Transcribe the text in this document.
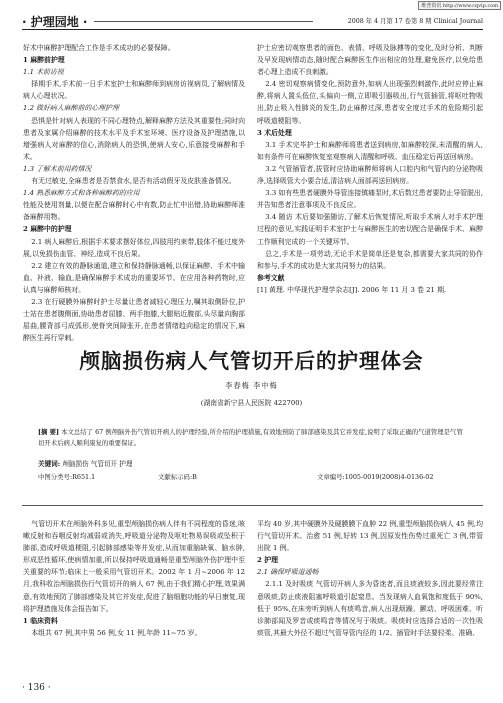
维普资讯 http://www.cqvip.com
· 护理园地 ·	2008 年 4 月第 17 卷第 8 期 Clinical Journal

好术中麻醉护理配合工作是手术成功的必要保障。

1 麻醉前护理

1.1 术前访视

择期手术,手术前一日手术室护士和麻醉师到病房访视病员,了解病情及病人心理状况。

1.2 做好病人麻醉前的心理护理

恐惧是针对病人表现的不同心理特点,解释麻醉方法及其重要性;同时向患者及家属介绍麻醉的技术水平及手术室环境、医疗设备及护理措施,以增强病人对麻醉的信心,消除病人的恐惧,使病人安心,乐意接受麻醉和手术。

1.3 了解术前用药情况

有无过敏史,全麻患者是否禁食水,是否有活动假牙及皮肤准备情况。

1.4 熟悉麻醉方式和各种麻醉药的应用

性能及使用剂量,以便在配合麻醉时心中有数,防止忙中出错,协助麻醉师准备麻醉用物。

2 麻醉中的护理

2.1 病人麻醉后,根据手术要求摆好体位,四肢用约束带,肢体不能过度外展,以免损伤血管、神经,造成不良后果。

2.2 建立有效的静脉通道,建立和保持静脉通畅,以保证麻醉、手术中输血、补液、输血,是确保麻醉手术成功的重要环节。在应用各种药物时,应认真与麻醉师核对。

2.3 在行硬膜外麻醉时护士尽量让患者减轻心理压力,嘱其取侧卧位,护士站在患者腹侧面,协助患者屈膝、两手抱膝,大腿贴近腹部,头尽量向胸部屈曲,腰背部弓成弧形,使脊突间隙张开,在患者情绪趋向稳定的情况下,麻醉医生再行穿刺。

护士应密切观察患者的面色、表情、呼吸及脉搏等的变化,及时分析、判断及早发现病情动态,随时配合麻醉医生作出相应的处理,避免医疗,以免给患者心理上造成不良刺激。

2.4 密切观察病情变化,预防意外,如病人出现强烈刺激作,此时应停止麻醉,将病人置头低位,头偏向一侧,立即吸引器吸出,行气管插管,将呕吐物吸出,防止吸入性肺炎的发生,防止麻醉过深,患者安全度过手术的危险期引起呼吸道梗阻等。

3 术后处理

3.1 手术完毕护士和麻醉师将患者送到病房,如麻醉较深,未清醒的病人,如有条件可在麻醉恢复室观察病人清醒和呼吸、血压稳定后再送回病房。

3.2 气管插管者,拔管时应协助麻醉师将病人口腔内和气管内的分泌物吸净,选择吸管大小要合适,清洁病人面部再送回病房。

3.3 如有些患者硬膜外导管连接镇痛泵时,术后数过患者要防止导管脱出,并告知患者注意事项及不良反应。

3.4 随访 术后要如强随访,了解术后恢复情况,听取手术病人对手术护理过程的意见,实践证明手术室护士与麻醉医生的密切配合是确保手术、麻醉工作顺利完成的一个关键环节。

总之,手术是一项劳动,无论手术是简单还是复杂,都需要大家共同的协作和参与,手术的成功是大家共同努力的结果。

参考文献

[1] 黄理. 中华现代护理学杂志[J]. 2006 年 11 月 3 卷 21 期.

颅脑损伤病人气管切开后的护理体会
李春梅 李中梅
(湖南省新宁县人民医院 422700)

[摘 要] 本文总结了 67 例颅脑外伤气管切开病人的护理经验,所介绍的护理措施,有效地预防了肺部感染及其它并发症,说明了采取正确的气道管理是气管切开术后病人顺利康复的重要保证。

关键词: 颅脑损伤 气管切开 护理
中图分类号:R651.1	文献标示码:B	文章编号:1005-0019(2008)4-0136-02

气管切开术在颅脑外科多见,重型颅脑损伤病人伴有不同程度的昏迷,咳嗽反射和吞咽反射均减弱或消失,呼吸道分泌物及呕吐物易误吸或坠积于肺部,造成呼吸道梗阻,引起肺部感染等并发症,从而加重脑缺氧、脑水肿,形成恶性循环,使病情加重,所以保持呼吸道通畅是重型颅脑外伤护理中至关重要的环节;临床上一般采用气管切开术。2002 年 1 月~2006 年 12 月,我科收治颅脑损伤行气管切开的病人 67 例,由于我们精心护理,效果满意,有效地预防了肺部感染及其它并发症,促进了脑细胞功能的早日康复,现将护理措施及体会报告如下。

1 临床资料

本组共 67 例,其中男 56 例,女 11 例,年龄 11~75 岁。

平均 40 岁,其中硬膜外及硬膜膜下血肿 22 例,重型颅脑损伤病人 45 例,均行气管切开术。治愈 51 例,好转 13 例,因原发性伤势过重死亡 3 例,带管出院 1 例。

2 护理

2.1 确保呼吸道通畅

2.1.1 及时吸痰 气管切开病人多为昏迷者,而且痰液较多,因此要经常注意吸痰,防止痰液阻塞呼吸道引起窒息。当发现病人血氧饱和度低于 90%,低于 95%,在床旁听到病人有痰鸣音,病人出现烦躁、颤动、呼吸困难、听诊肺部闻及罗音或痰鸣音等情况写于吸痰。吸痰时应选择合适的一次性吸痰管,其最大外径不超过气管导管内径的 1/2。插管时手法要轻柔、准确、

· 136 ·
